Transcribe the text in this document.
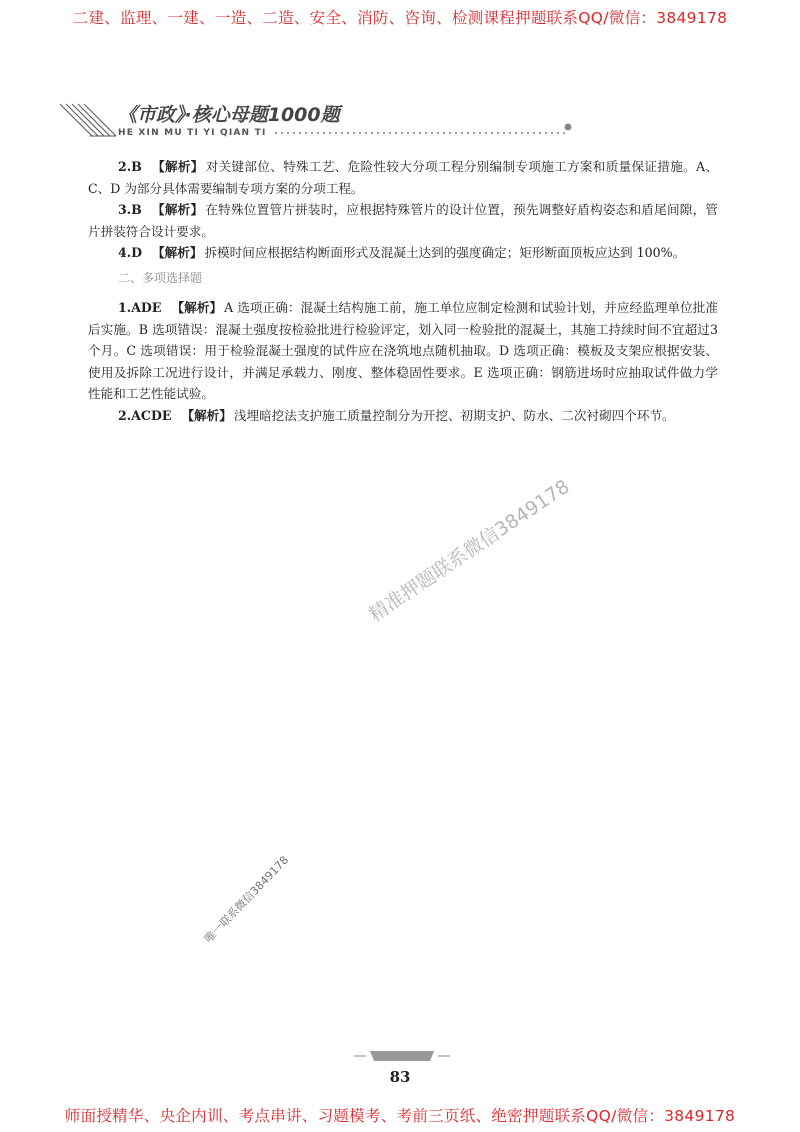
二建、监理、一建、一造、二造、安全、消防、咨询、检测课程押题联系QQ/微信：3849178
《市政》·核心母题1000题
HE XIN MU TI YI QIAN TI

2.B 【解析】 对关键部位、特殊工艺、危险性较大分项工程分别编制专项施工方案和质量保证措施。A、C、D 为部分具体需要编制专项方案的分项工程。

3.B 【解析】 在特殊位置管片拼装时，应根据特殊管片的设计位置，预先调整好盾构姿态和盾尾间隙，管片拼装符合设计要求。

4.D 【解析】 拆模时间应根据结构断面形式及混凝土达到的强度确定；矩形断面顶板应达到 100%。

二、多项选择题

1.ADE 【解析】 A 选项正确：混凝土结构施工前，施工单位应制定检测和试验计划，并应经监理单位批准后实施。B 选项错误：混凝土强度按检验批进行检验评定，划入同一检验批的混凝土，其施工持续时间不宜超过3 个月。C 选项错误：用于检验混凝土强度的试件应在浇筑地点随机抽取。D 选项正确：模板及支架应根据安装、使用及拆除工况进行设计，并满足承载力、刚度、整体稳固性要求。E 选项正确：钢筋进场时应抽取试件做力学性能和工艺性能试验。

2.ACDE 【解析】 浅埋暗挖法支护施工质量控制分为开挖、初期支护、防水、二次衬砌四个环节。

精准押题联系微信3849178
唯一联系微信3849178
83
师面授精华、央企内训、考点串讲、习题模考、考前三页纸、绝密押题联系QQ/微信：3849178
